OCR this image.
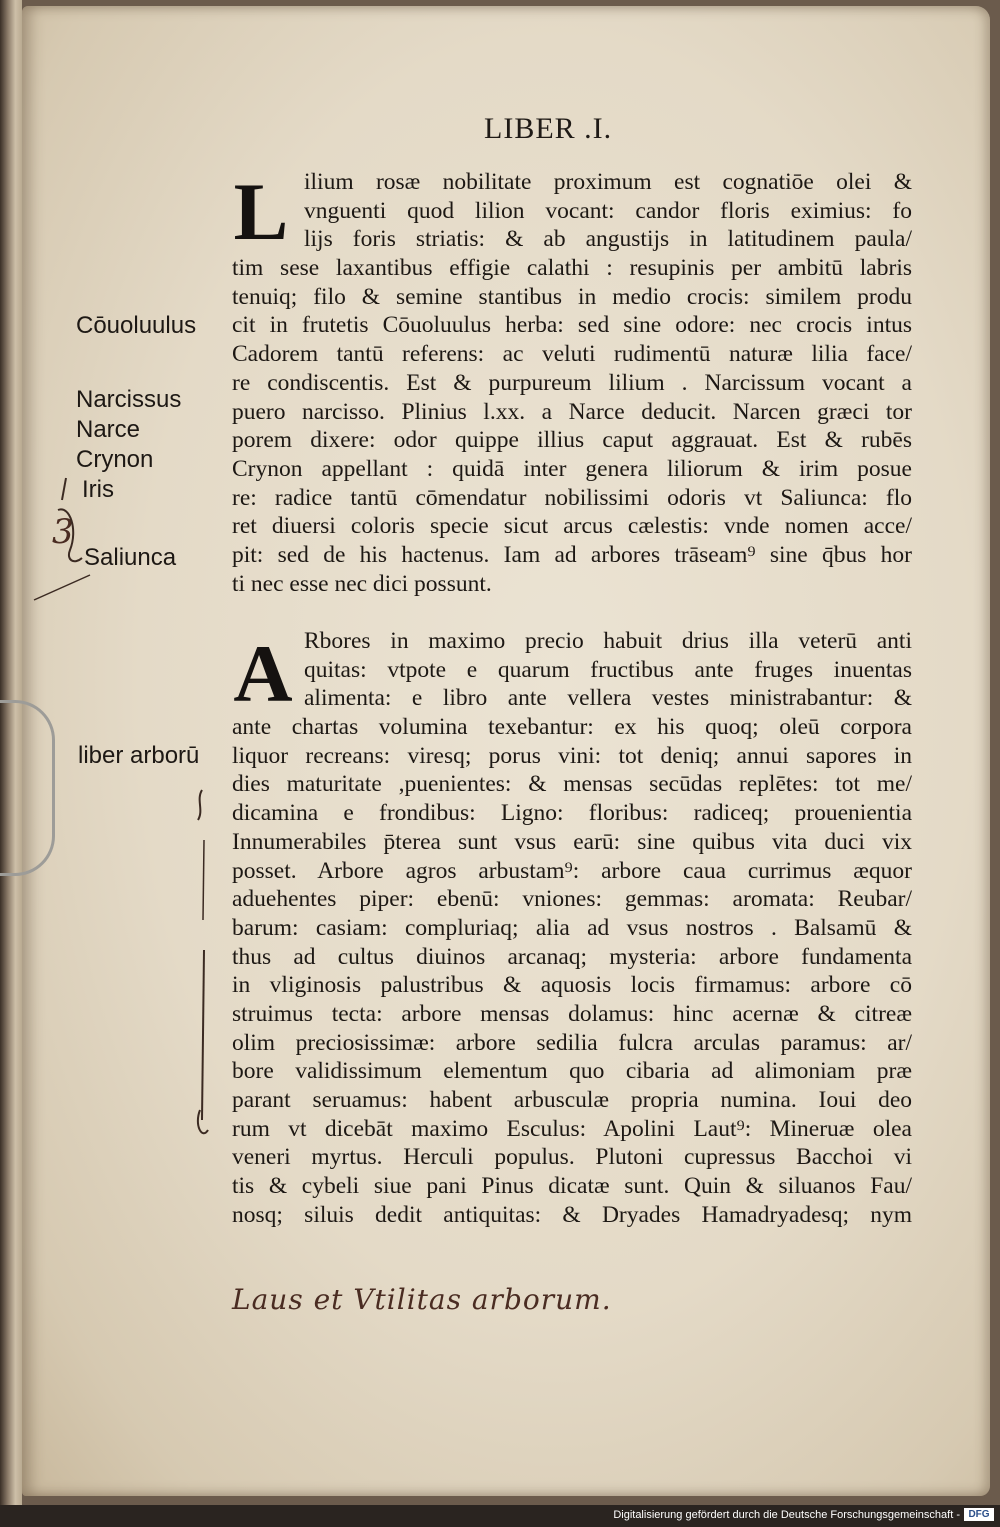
LIBER .I.
L
A
ilium rosæ nobilitate proximum est cognatiōe olei &
vnguenti quod lilion vocant: candor floris eximius: fo
lijs foris striatis: & ab angustijs in latitudinem paula/
tim sese laxantibus effigie calathi : resupinis per ambitū labris
tenuiq; filo & semine stantibus in medio crocis: similem produ
cit in frutetis Cōuoluulus herba: sed sine odore: nec crocis intus
Cadorem tantū referens: ac veluti rudimentū naturæ lilia face/
re condiscentis. Est & purpureum lilium . Narcissum vocant a
puero narcisso. Plinius l.xx. a Narce deducit. Narcen græci tor
porem dixere: odor quippe illius caput aggrauat. Est & rubēs
Crynon appellant : quidā inter genera liliorum & irim posue
re: radice tantū cōmendatur nobilissimi odoris vt Saliunca: flo
ret diuersi coloris specie sicut arcus cælestis: vnde nomen acce/
pit: sed de his hactenus. Iam ad arbores trāseam⁹ sine q̄bus hor
ti nec esse nec dici possunt.
Rbores in maximo precio habuit drius illa veterū anti
quitas: vtpote e quarum fructibus ante fruges inuentas
alimenta: e libro ante vellera vestes ministrabantur: &
ante chartas volumina texebantur: ex his quoq; oleū corpora
liquor recreans: viresq; porus vini: tot deniq; annui sapores in
dies maturitate ,puenientes: & mensas secūdas replētes: tot me/
dicamina e frondibus: Ligno: floribus: radiceq; prouenientia
Innumerabiles p̄terea sunt vsus earū: sine quibus vita duci vix
posset. Arbore agros arbustam⁹: arbore caua currimus æquor
aduehentes piper: ebenū: vniones: gemmas: aromata: Reubar/
barum: casiam: compluriaq; alia ad vsus nostros . Balsamū &
thus ad cultus diuinos arcanaq; mysteria: arbore fundamenta
in vliginosis palustribus & aquosis locis firmamus: arbore cō
struimus tecta: arbore mensas dolamus: hinc acernæ & citreæ
olim preciosissimæ: arbore sedilia fulcra arculas paramus: ar/
bore validissimum elementum quo cibaria ad alimoniam præ
parant seruamus: habent arbusculæ propria numina. Ioui deo
rum vt dicebāt maximo Esculus: Apolini Laut⁹: Mineruæ olea
veneri myrtus. Herculi populus. Plutoni cupressus Bacchoi vi
tis & cybeli siue pani Pinus dicatæ sunt. Quin & siluanos Fau/
nosq; siluis dedit antiquitas: & Dryades Hamadryadesq; nym
Cōuoluulus
Narcissus
Narce
Crynon
Iris
Saliunca
liber arborū
3
Laus et Vtilitas arborum.
Digitalisierung gefördert durch die Deutsche Forschungsgemeinschaft - DFG
